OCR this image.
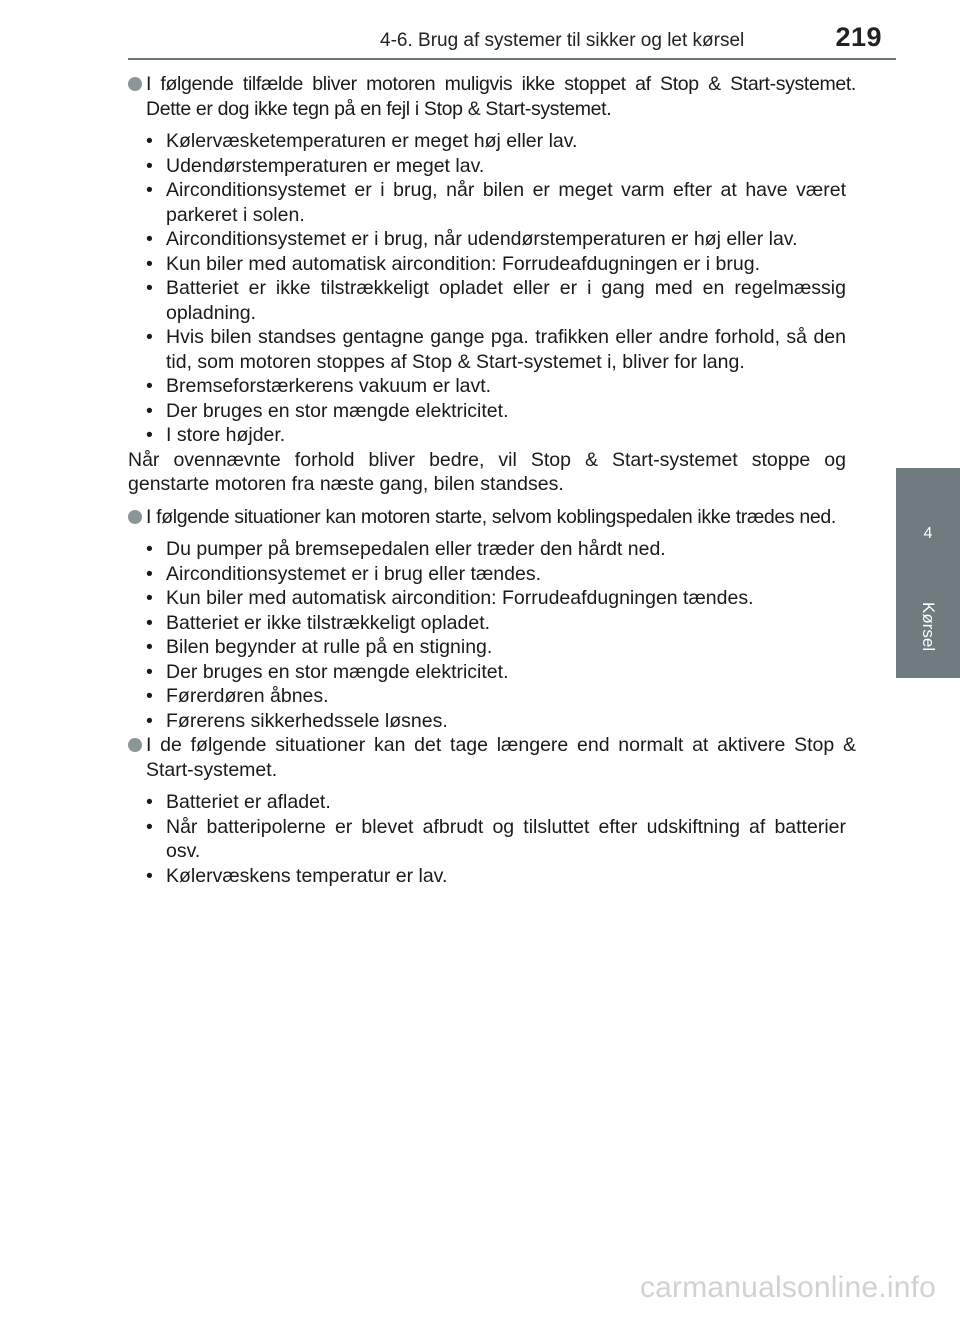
4-6. Brug af systemer til sikker og let kørsel	219
4
Kørsel
I følgende tilfælde bliver motoren muligvis ikke stoppet af Stop & Start-systemet. Dette er dog ikke tegn på en fejl i Stop & Start-systemet.
• Kølervæsketemperaturen er meget høj eller lav.
• Udendørstemperaturen er meget lav.
• Airconditionsystemet er i brug, når bilen er meget varm efter at have været parkeret i solen.
• Airconditionsystemet er i brug, når udendørstemperaturen er høj eller lav.
• Kun biler med automatisk aircondition: Forrudeafdugningen er i brug.
• Batteriet er ikke tilstrækkeligt opladet eller er i gang med en regelmæssig opladning.
• Hvis bilen standses gentagne gange pga. trafikken eller andre forhold, så den tid, som motoren stoppes af Stop & Start-systemet i, bliver for lang.
• Bremseforstærkerens vakuum er lavt.
• Der bruges en stor mængde elektricitet.
• I store højder.
Når ovennævnte forhold bliver bedre, vil Stop & Start-systemet stoppe og genstarte motoren fra næste gang, bilen standses.
I følgende situationer kan motoren starte, selvom koblingspedalen ikke trædes ned.
• Du pumper på bremsepedalen eller træder den hårdt ned.
• Airconditionsystemet er i brug eller tændes.
• Kun biler med automatisk aircondition: Forrudeafdugningen tændes.
• Batteriet er ikke tilstrækkeligt opladet.
• Bilen begynder at rulle på en stigning.
• Der bruges en stor mængde elektricitet.
• Førerdøren åbnes.
• Førerens sikkerhedssele løsnes.
I de følgende situationer kan det tage længere end normalt at aktivere Stop & Start-systemet.
• Batteriet er afladet.
• Når batteripolerne er blevet afbrudt og tilsluttet efter udskiftning af batterier osv.
• Kølervæskens temperatur er lav.
carmanualsonline.info
